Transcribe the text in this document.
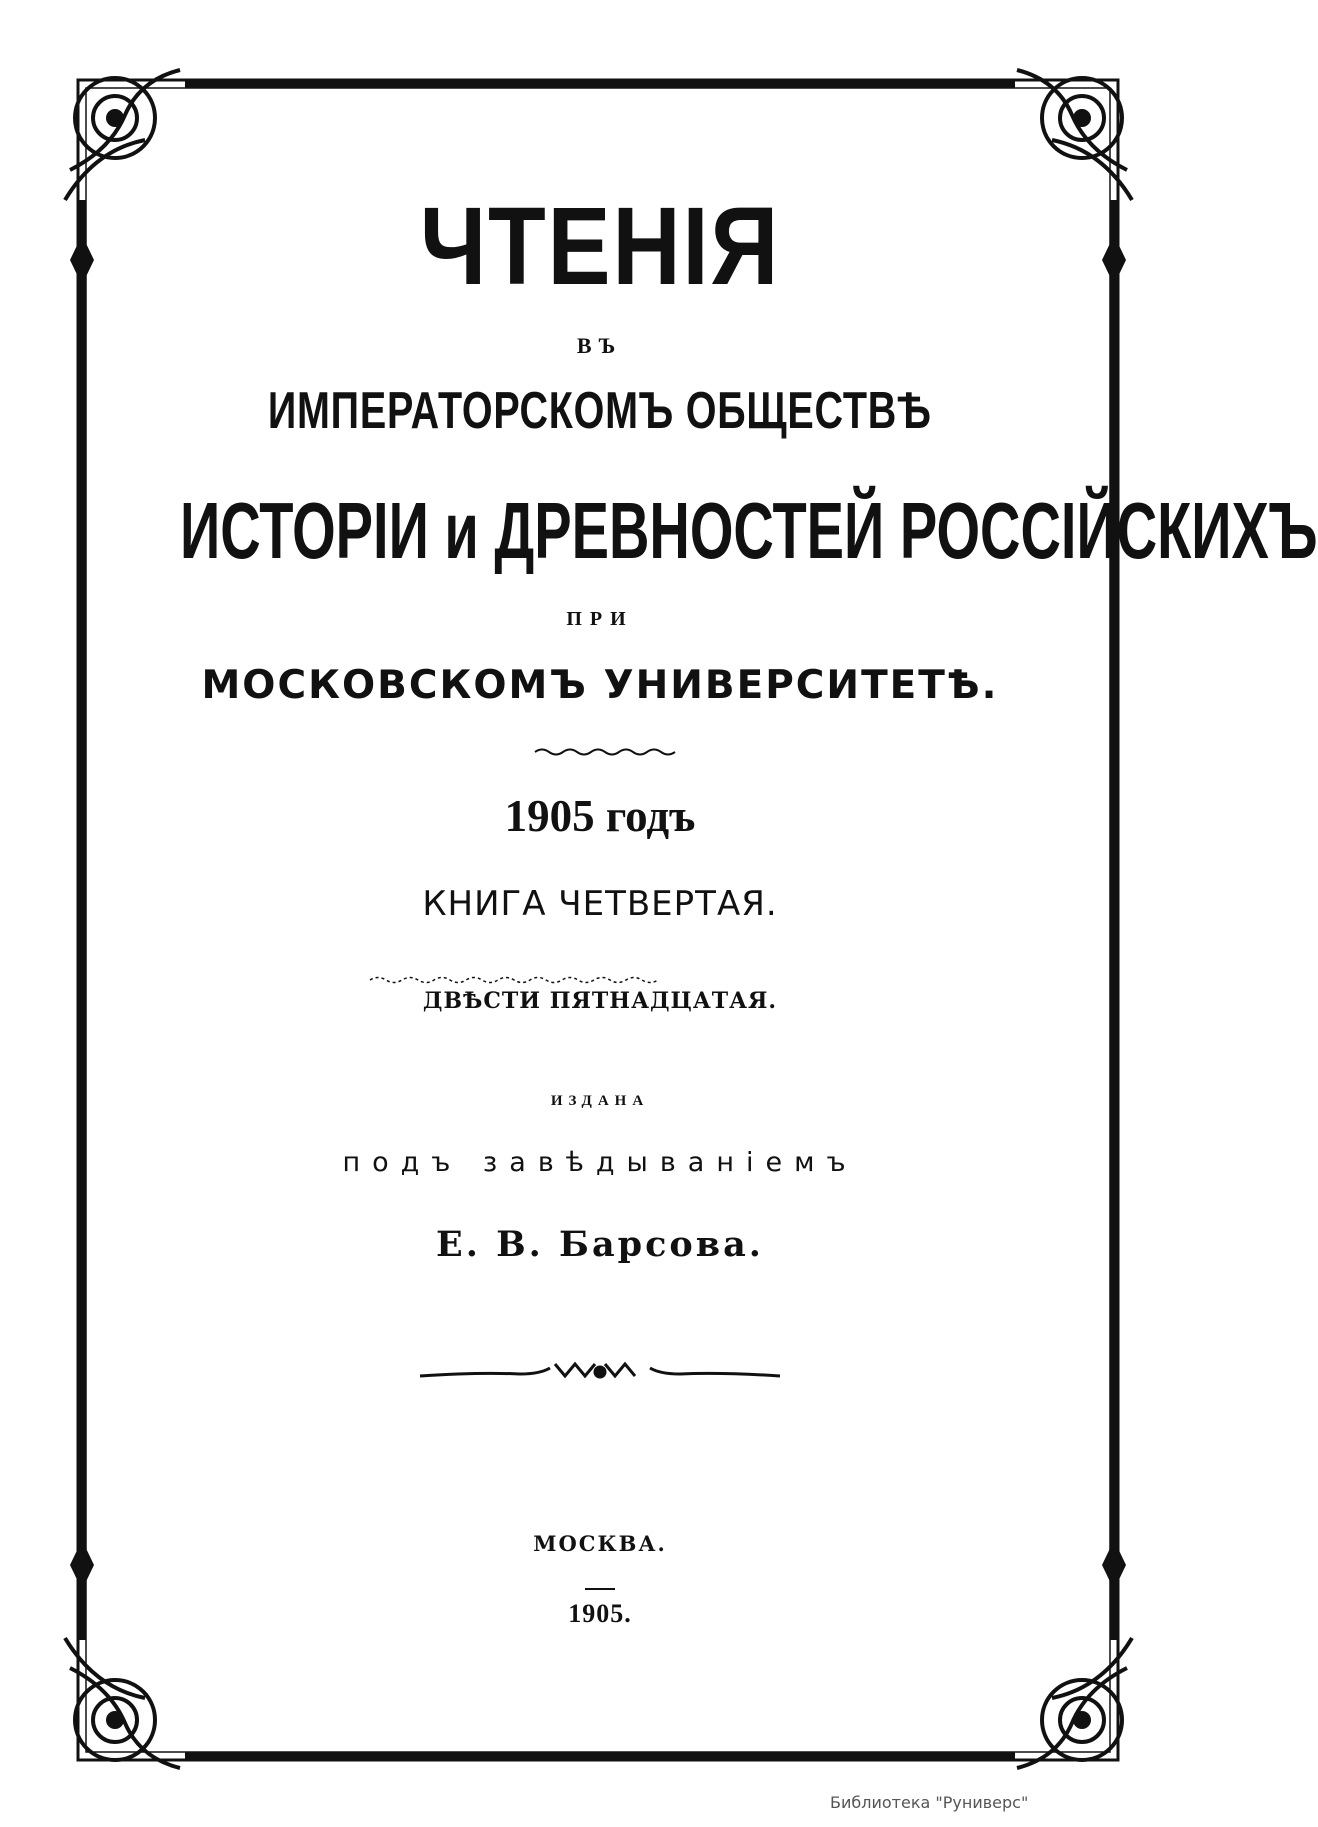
ЧТЕНІЯ
ВЪ
ИМПЕРАТОРСКОМЪ ОБЩЕСТВѢ
ИСТОРІИ и ДРЕВНОСТЕЙ РОССІЙСКИХЪ
ПРИ
МОСКОВСКОМЪ УНИВЕРСИТЕТѢ.
1905 годъ
КНИГА ЧЕТВЕРТАЯ.
ДВѢСТИ ПЯТНАДЦАТАЯ.
ИЗДАНА
подъ завѣдываніемъ
Е. В. Барсова.
МОСКВА.
1905.
Библиотека "Руниверс"
